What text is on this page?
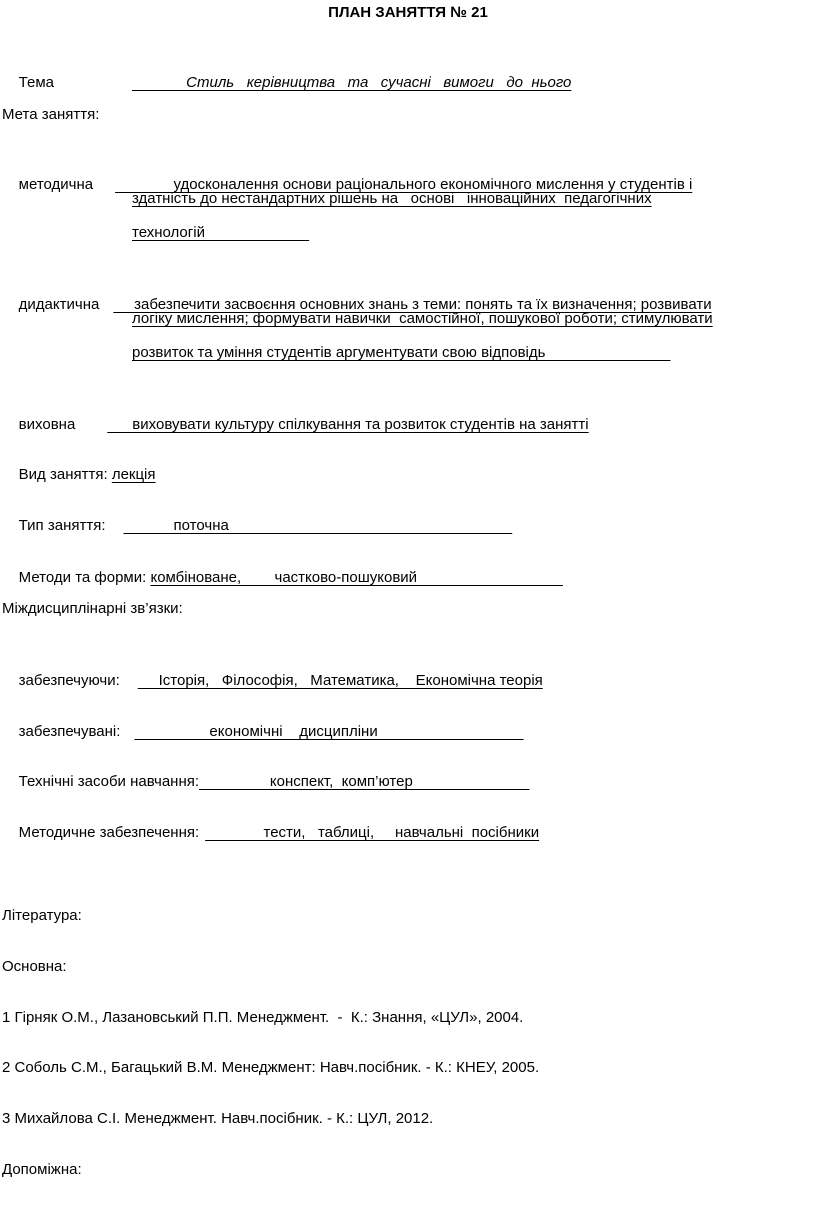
ПЛАН ЗАНЯТТЯ № 21

Тема	Стиль   керівництва   та   сучасні   вимоги   до  нього

Мета заняття:

методична              удосконалення основи раціонального економічного мислення у студентів і

здатність до нестандартних рішень на   основі   інноваційних  педагогічних
технологій

дидактична     забезпечити засвоєння основних знань з теми: понять та їх визначення; розвивати

логіку мислення; формувати навички  самостійної, пошукової роботи; стимулювати
розвиток та уміння студентів аргументувати свою відповідь

виховна      виховувати культуру спілкування та розвиток студентів на занятті

Вид заняття: лекція

Тип заняття:            поточна

Методи та форми: комбіноване,        частково-пошуковий

Міждисциплінарні зв’язки:

забезпечуючи:     Історія,   Філософія,   Математика,    Економічна теорія

забезпечувані:                  економічні    дисципліни

Технічні засоби навчання:                 конспект,  комп’ютер

Методичне забезпечення:              тести,   таблиці,     навчальні  посібники

Література:
Основна:
1 Гірняк О.М., Лазановський П.П. Менеджмент.  -  К.: Знання, «ЦУЛ», 2004.
2 Соболь С.М., Багацький В.М. Менеджмент: Навч.посібник. - К.: КНЕУ, 2005.
3 Михайлова С.І. Менеджмент. Навч.посібник. - К.: ЦУЛ, 2012.
Допоміжна:
